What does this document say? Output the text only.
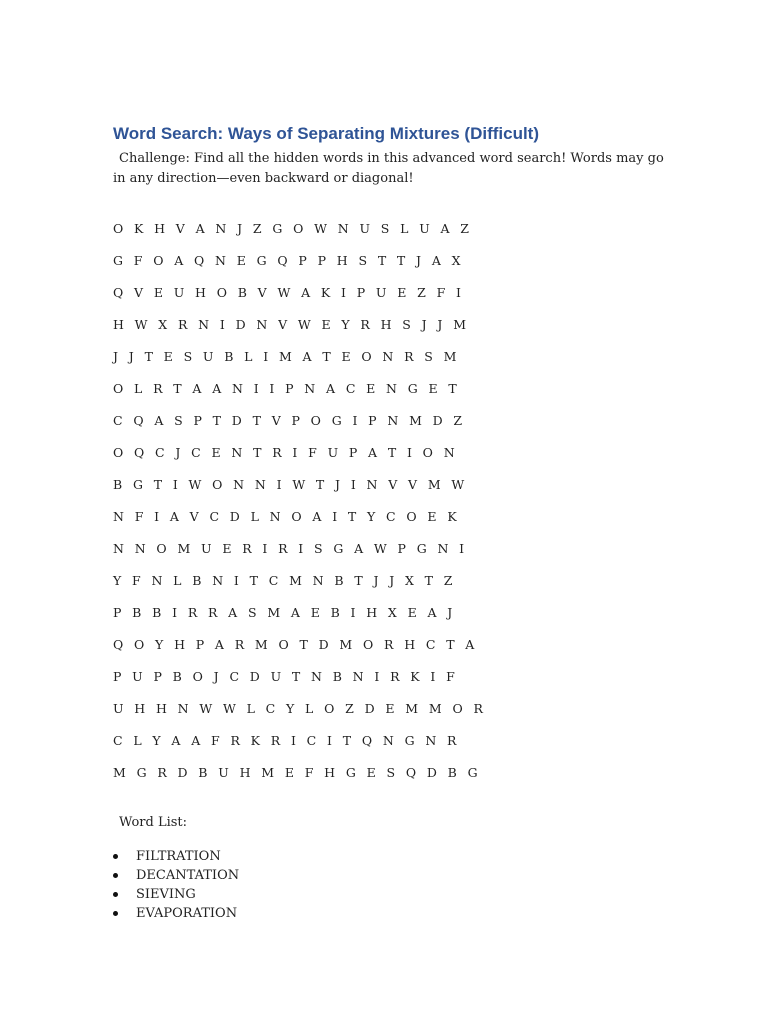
Word Search: Ways of Separating Mixtures (Difficult)
Challenge: Find all the hidden words in this advanced word search! Words may go in any direction—even backward or diagonal!
O K H V A N J Z G O W N U S L U A Z
G F O A Q N E G Q P P H S T T J A X
Q V E U H O B V W A K I P U E Z F I
H W X R N I D N V W E Y R H S J J M
J J T E S U B L I M A T E O N R S M
O L R T A A N I I P N A C E N G E T
C Q A S P T D T V P O G I P N M D Z
O Q C J C E N T R I F U P A T I O N
B G T I W O N N I W T J I N V V M W
N F I A V C D L N O A I T Y C O E K
N N O M U E R I R I S G A W P G N I
Y F N L B N I T C M N B T J J X T Z
P B B I R R A S M A E B I H X E A J
Q O Y H P A R M O T D M O R H C T A
P U P B O J C D U T N B N I R K I F
U H H N W W L C Y L O Z D E M M O R
C L Y A A F R K R I C I T Q N G N R
M G R D B U H M E F H G E S Q D B G
Word List:
FILTRATION
DECANTATION
SIEVING
EVAPORATION
